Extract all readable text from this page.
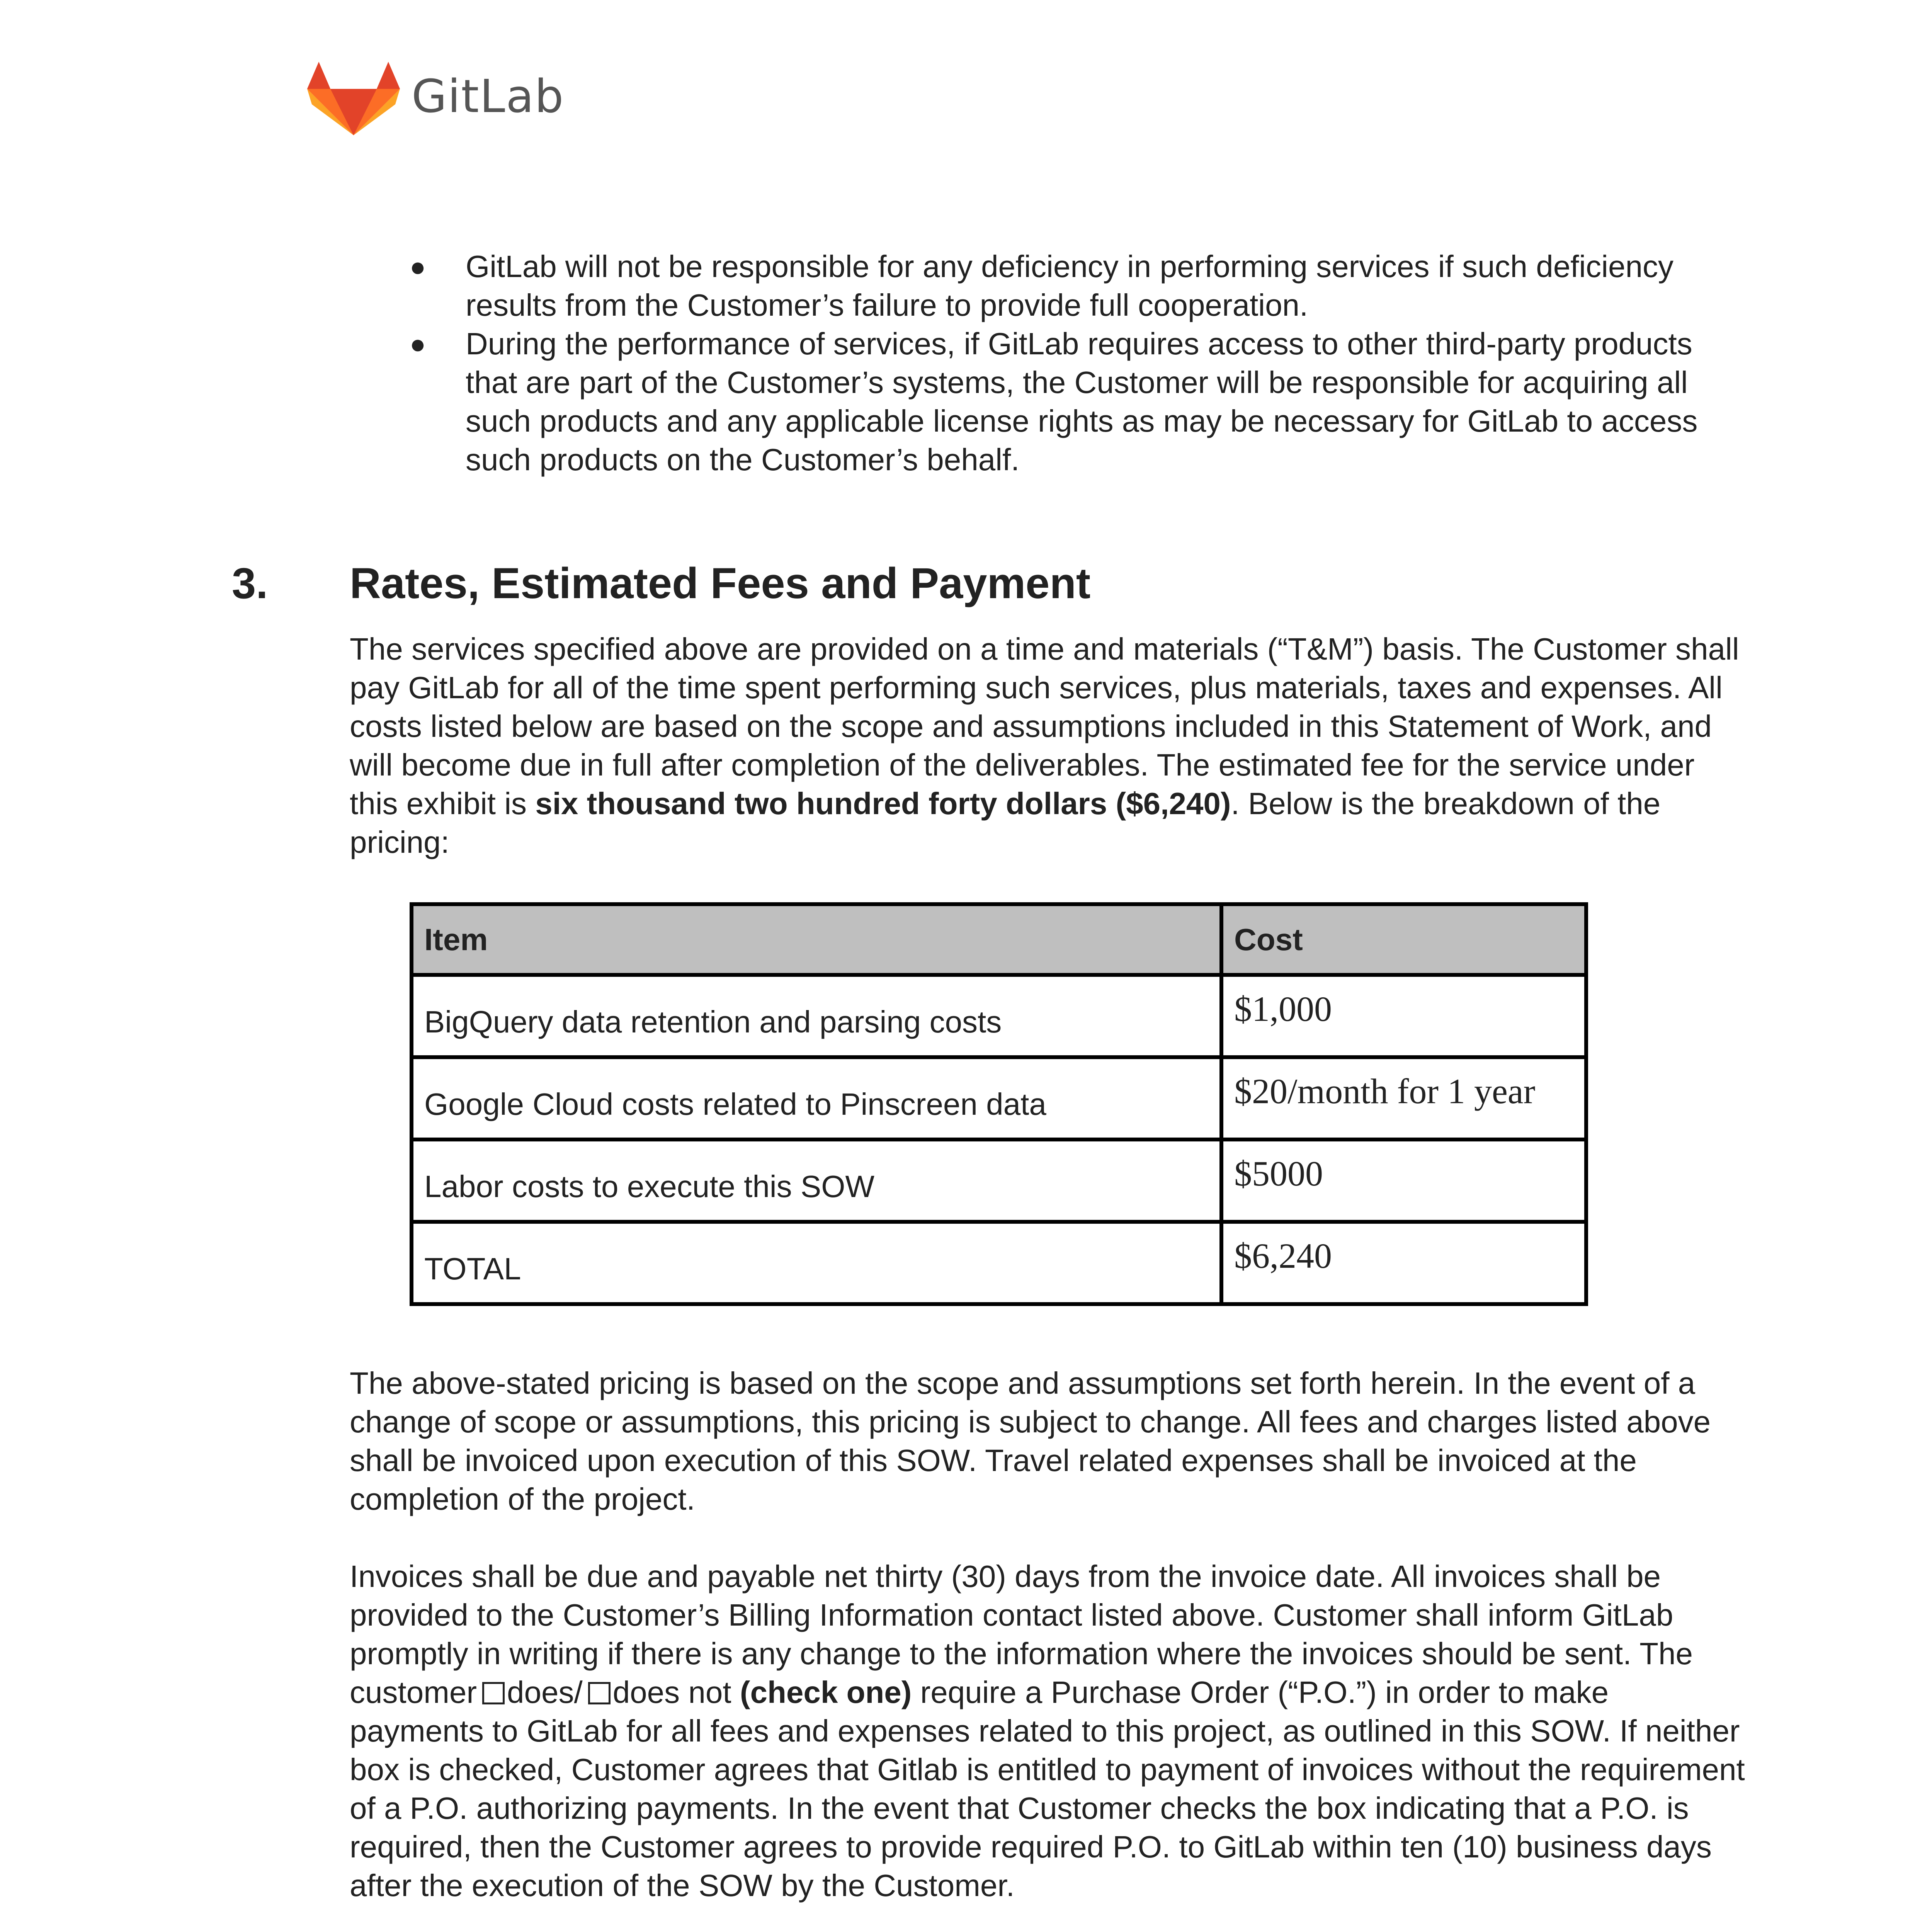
GitLab
● GitLab will not be responsible for any deficiency in performing services if such deficiency results from the Customer’s failure to provide full cooperation.
● During the performance of services, if GitLab requires access to other third-party products that are part of the Customer’s systems, the Customer will be responsible for acquiring all such products and any applicable license rights as may be necessary for GitLab to access such products on the Customer’s behalf.
3. Rates, Estimated Fees and Payment

The services specified above are provided on a time and materials (“T&M”) basis. The Customer shall pay GitLab for all of the time spent performing such services, plus materials, taxes and expenses. All costs listed below are based on the scope and assumptions included in this Statement of Work, and will become due in full after completion of the deliverables. The estimated fee for the service under this exhibit is six thousand two hundred forty dollars ($6,240). Below is the breakdown of the pricing:

Item	Cost
BigQuery data retention and parsing costs	$1,000
Google Cloud costs related to Pinscreen data	$20/month for 1 year
Labor costs to execute this SOW	$5000
TOTAL	$6,240

The above-stated pricing is based on the scope and assumptions set forth herein. In the event of a change of scope or assumptions, this pricing is subject to change. All fees and charges listed above shall be invoiced upon execution of this SOW. Travel related expenses shall be invoiced at the completion of the project.

Invoices shall be due and payable net thirty (30) days from the invoice date. All invoices shall be provided to the Customer’s Billing Information contact listed above. Customer shall inform GitLab promptly in writing if there is any change to the information where the invoices should be sent. The customer does/ does not (check one) require a Purchase Order (“P.O.”) in order to make payments to GitLab for all fees and expenses related to this project, as outlined in this SOW. If neither box is checked, Customer agrees that Gitlab is entitled to payment of invoices without the requirement of a P.O. authorizing payments. In the event that Customer checks the box indicating that a P.O. is required, then the Customer agrees to provide required P.O. to GitLab within ten (10) business days after the execution of the SOW by the Customer.
